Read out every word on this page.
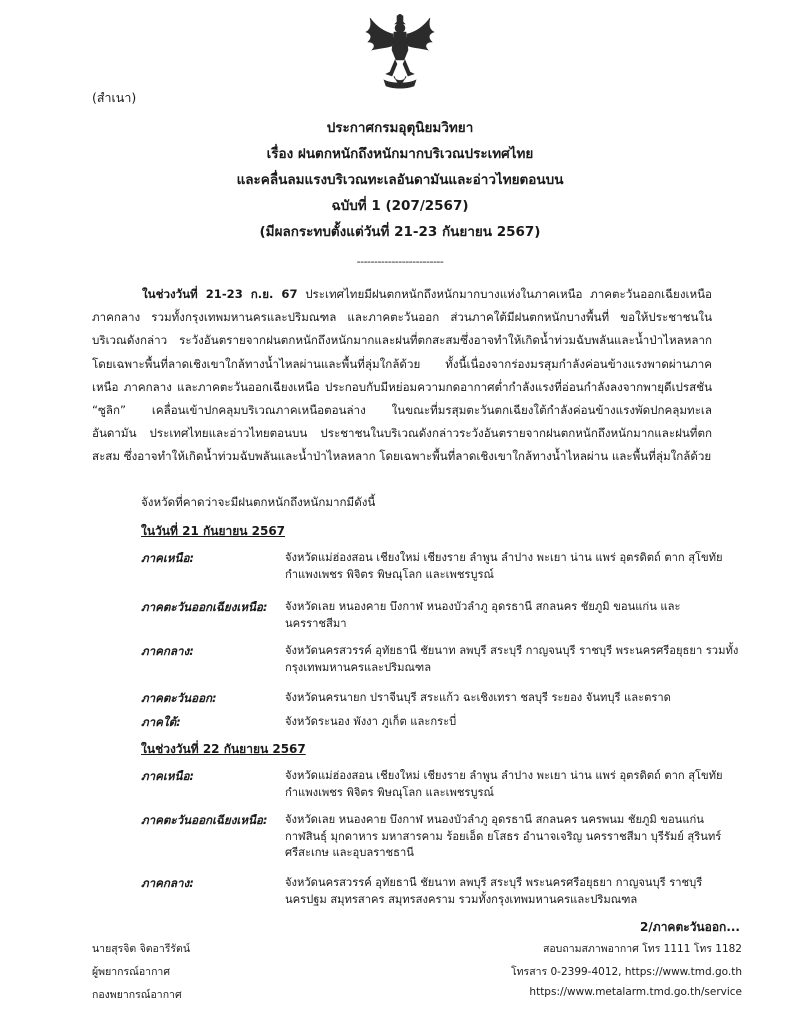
(สำเนา)
ประกาศกรมอุตุนิยมวิทยา
เรื่อง ฝนตกหนักถึงหนักมากบริเวณประเทศไทย
และคลื่นลมแรงบริเวณทะเลอันดามันและอ่าวไทยตอนบน
ฉบับที่ 1 (207/2567)
(มีผลกระทบตั้งแต่วันที่ 21-23 กันยายน 2567)
-------------------------
ในช่วงวันที่ 21-23 ก.ย. 67 ประเทศไทยมีฝนตกหนักถึงหนักมากบางแห่งในภาคเหนือ ภาคตะวันออกเฉียงเหนือ ภาคกลาง รวมทั้งกรุงเทพมหานครและปริมณฑล และภาคตะวันออก ส่วนภาคใต้มีฝนตกหนักบางพื้นที่ ขอให้ประชาชนในบริเวณดังกล่าว ระวังอันตรายจากฝนตกหนักถึงหนักมากและฝนที่ตกสะสมซึ่งอาจทำให้เกิดน้ำท่วมฉับพลันและน้ำป่าไหลหลาก โดยเฉพาะพื้นที่ลาดเชิงเขาใกล้ทางน้ำไหลผ่านและพื้นที่ลุ่มใกล้ด้วย ทั้งนี้เนื่องจากร่องมรสุมกำลังค่อนข้างแรงพาดผ่านภาคเหนือ ภาคกลาง และภาคตะวันออกเฉียงเหนือ ประกอบกับมีหย่อมความกดอากาศต่ำกำลังแรงที่อ่อนกำลังลงจากพายุดีเปรสชัน “ซูลิก” เคลื่อนเข้าปกคลุมบริเวณภาคเหนือตอนล่าง ในขณะที่มรสุมตะวันตกเฉียงใต้กำลังค่อนข้างแรงพัดปกคลุมทะเลอันดามัน ประเทศไทยและอ่าวไทยตอนบน ประชาชนในบริเวณดังกล่าวระวังอันตรายจากฝนตกหนักถึงหนักมากและฝนที่ตกสะสม ซึ่งอาจทำให้เกิดน้ำท่วมฉับพลันและน้ำป่าไหลหลาก โดยเฉพาะพื้นที่ลาดเชิงเขาใกล้ทางน้ำไหลผ่าน และพื้นที่ลุ่มใกล้ด้วย
จังหวัดที่คาดว่าจะมีฝนตกหนักถึงหนักมากมีดังนี้
ในวันที่ 21 กันยายน 2567
ภาคเหนือ:	จังหวัดแม่ฮ่องสอน เชียงใหม่ เชียงราย ลำพูน ลำปาง พะเยา น่าน แพร่ อุตรดิตถ์ ตาก สุโขทัย กำแพงเพชร พิจิตร พิษณุโลก และเพชรบูรณ์
ภาคตะวันออกเฉียงเหนือ: จังหวัดเลย หนองคาย บึงกาฬ หนองบัวลำภู อุดรธานี สกลนคร ชัยภูมิ ขอนแก่น และนครราชสีมา
ภาคกลาง:	จังหวัดนครสวรรค์ อุทัยธานี ชัยนาท ลพบุรี สระบุรี กาญจนบุรี ราชบุรี พระนครศรีอยุธยา รวมทั้งกรุงเทพมหานครและปริมณฑล
ภาคตะวันออก:	จังหวัดนครนายก ปราจีนบุรี สระแก้ว ฉะเชิงเทรา ชลบุรี ระยอง จันทบุรี และตราด
ภาคใต้:	จังหวัดระนอง พังงา ภูเก็ต และกระบี่
ในช่วงวันที่ 22 กันยายน 2567
ภาคเหนือ:	จังหวัดแม่ฮ่องสอน เชียงใหม่ เชียงราย ลำพูน ลำปาง พะเยา น่าน แพร่ อุตรดิตถ์ ตาก สุโขทัย กำแพงเพชร พิจิตร พิษณุโลก และเพชรบูรณ์
ภาคตะวันออกเฉียงเหนือ: จังหวัดเลย หนองคาย บึงกาฬ หนองบัวลำภู อุดรธานี สกลนคร นครพนม ชัยภูมิ ขอนแก่น กาฬสินธุ์ มุกดาหาร มหาสารคาม ร้อยเอ็ด ยโสธร อำนาจเจริญ นครราชสีมา บุรีรัมย์ สุรินทร์ ศรีสะเกษ และอุบลราชธานี
ภาคกลาง:	จังหวัดนครสวรรค์ อุทัยธานี ชัยนาท ลพบุรี สระบุรี พระนครศรีอยุธยา กาญจนบุรี ราชบุรี นครปฐม สมุทรสาคร สมุทรสงคราม รวมทั้งกรุงเทพมหานครและปริมณฑล
2/ภาคตะวันออก...
นายสุรจิต จิตอารีรัตน์
ผู้พยากรณ์อากาศ
กองพยากรณ์อากาศ
สอบถามสภาพอากาศ โทร 1111 โทร 1182
โทรสาร 0-2399-4012, https://www.tmd.go.th
https://www.metalarm.tmd.go.th/service
